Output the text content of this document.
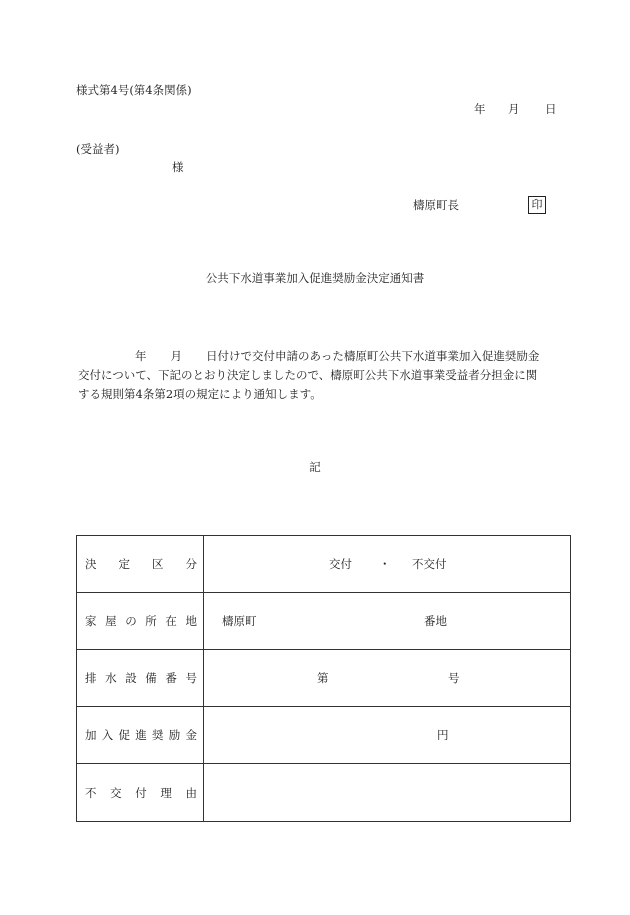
様式第4号(第4条関係)
年 月 日
(受益者)
様
檮原町長	印
公共下水道事業加入促進奨励金決定通知書
年 月 日付けで交付申請のあった檮原町公共下水道事業加入促進奨励金
交付について、下記のとおり決定しましたので、檮原町公共下水道事業受益者分担金に関
する規則第4条第2項の規定により通知します。
記
決定区分	交付 ・ 不交付

家屋の所在地	檮原町 番地

排水設備番号	第 号

加入促進奨励金	円

不交付理由	
